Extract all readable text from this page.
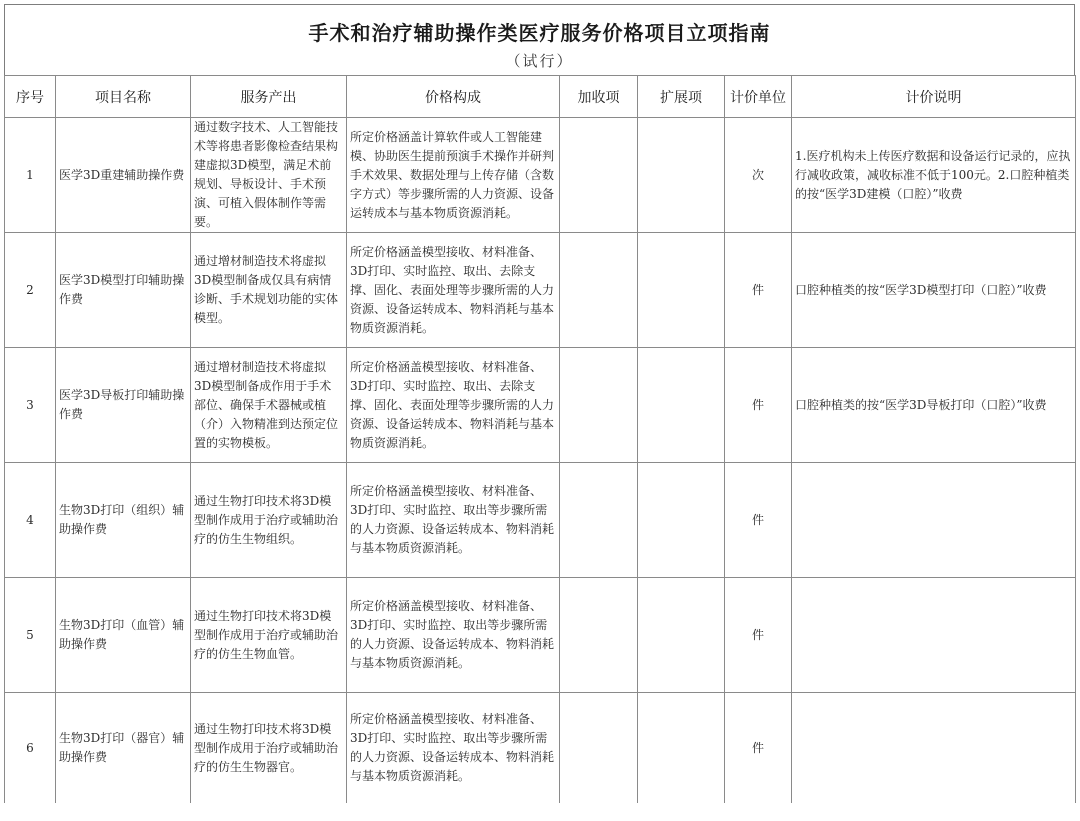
手术和治疗辅助操作类医疗服务价格项目立项指南
（试行）
序号	项目名称	服务产出	价格构成	加收项	扩展项	计价单位	计价说明
1	医学3D重建辅助操作费	通过数字技术、人工智能技术等将患者影像检查结果构建虚拟3D模型，满足术前规划、导板设计、手术预演、可植入假体制作等需要。	所定价格涵盖计算软件或人工智能建模、协助医生提前预演手术操作并研判手术效果、数据处理与上传存储（含数字方式）等步骤所需的人力资源、设备运转成本与基本物质资源消耗。			次	1.医疗机构未上传医疗数据和设备运行记录的，应执行减收政策，减收标准不低于100元。2.口腔种植类的按“医学3D建模（口腔）”收费
2	医学3D模型打印辅助操作费	通过增材制造技术将虚拟3D模型制备成仅具有病情诊断、手术规划功能的实体模型。	所定价格涵盖模型接收、材料准备、3D打印、实时监控、取出、去除支撑、固化、表面处理等步骤所需的人力资源、设备运转成本、物料消耗与基本物质资源消耗。			件	口腔种植类的按“医学3D模型打印（口腔）”收费
3	医学3D导板打印辅助操作费	通过增材制造技术将虚拟3D模型制备成作用于手术部位、确保手术器械或植（介）入物精准到达预定位置的实物模板。	所定价格涵盖模型接收、材料准备、3D打印、实时监控、取出、去除支撑、固化、表面处理等步骤所需的人力资源、设备运转成本、物料消耗与基本物质资源消耗。			件	口腔种植类的按“医学3D导板打印（口腔）”收费
4	生物3D打印（组织）辅助操作费	通过生物打印技术将3D模型制作成用于治疗或辅助治疗的仿生生物组织。	所定价格涵盖模型接收、材料准备、3D打印、实时监控、取出等步骤所需的人力资源、设备运转成本、物料消耗与基本物质资源消耗。			件	
5	生物3D打印（血管）辅助操作费	通过生物打印技术将3D模型制作成用于治疗或辅助治疗的仿生生物血管。	所定价格涵盖模型接收、材料准备、3D打印、实时监控、取出等步骤所需的人力资源、设备运转成本、物料消耗与基本物质资源消耗。			件	
6	生物3D打印（器官）辅助操作费	通过生物打印技术将3D模型制作成用于治疗或辅助治疗的仿生生物器官。	所定价格涵盖模型接收、材料准备、3D打印、实时监控、取出等步骤所需的人力资源、设备运转成本、物料消耗与基本物质资源消耗。			件	
